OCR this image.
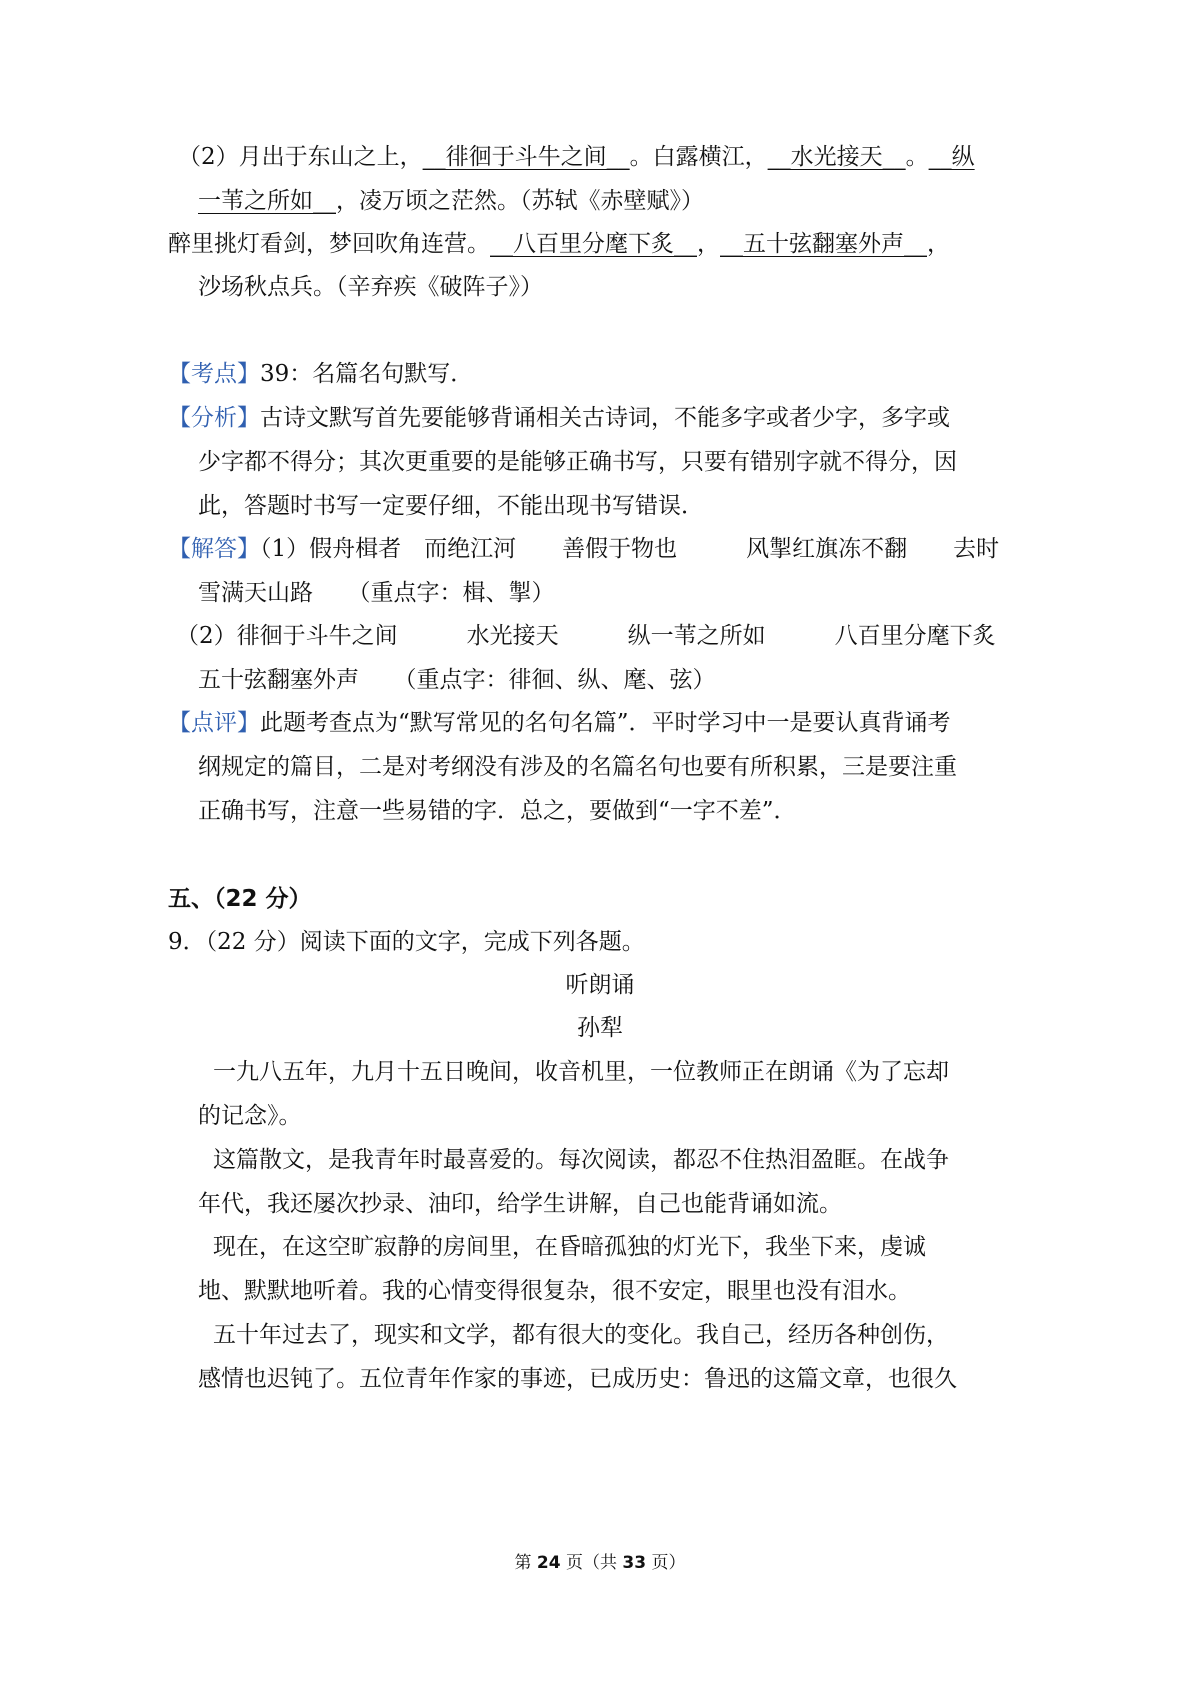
（2）月出于东山之上，__徘徊于斗牛之间__。白露横江，__水光接天__。__纵
一苇之所如__，凌万顷之茫然。（苏轼《赤壁赋》）
醉里挑灯看剑，梦回吹角连营。__八百里分麾下炙__，__五十弦翻塞外声__，
沙场秋点兵。（辛弃疾《破阵子》）
【考点】39：名篇名句默写．
【分析】古诗文默写首先要能够背诵相关古诗词，不能多字或者少字，多字或
少字都不得分；其次更重要的是能够正确书写，只要有错别字就不得分，因
此，答题时书写一定要仔细，不能出现书写错误．
【解答】（1）假舟楫者　而绝江河　　善假于物也　　　风掣红旗冻不翻　　去时
雪满天山路　　（重点字：楫、掣）
（2）徘徊于斗牛之间　　　水光接天　　　纵一苇之所如　　　八百里分麾下炙
五十弦翻塞外声　　（重点字：徘徊、纵、麾、弦）
【点评】此题考查点为“默写常见的名句名篇”．平时学习中一是要认真背诵考
纲规定的篇目，二是对考纲没有涉及的名篇名句也要有所积累，三是要注重
正确书写，注意一些易错的字．总之，要做到“一字不差”．
五、（22 分）
9．（22 分）阅读下面的文字，完成下列各题。
听朗诵
孙犁
一九八五年，九月十五日晚间，收音机里，一位教师正在朗诵《为了忘却
的记念》。
这篇散文，是我青年时最喜爱的。每次阅读，都忍不住热泪盈眶。在战争
年代，我还屡次抄录、油印，给学生讲解，自己也能背诵如流。
现在，在这空旷寂静的房间里，在昏暗孤独的灯光下，我坐下来，虔诚
地、默默地听着。我的心情变得很复杂，很不安定，眼里也没有泪水。
五十年过去了，现实和文学，都有很大的变化。我自己，经历各种创伤，
感情也迟钝了。五位青年作家的事迹，已成历史：鲁迅的这篇文章，也很久
第 24 页（共 33 页）
